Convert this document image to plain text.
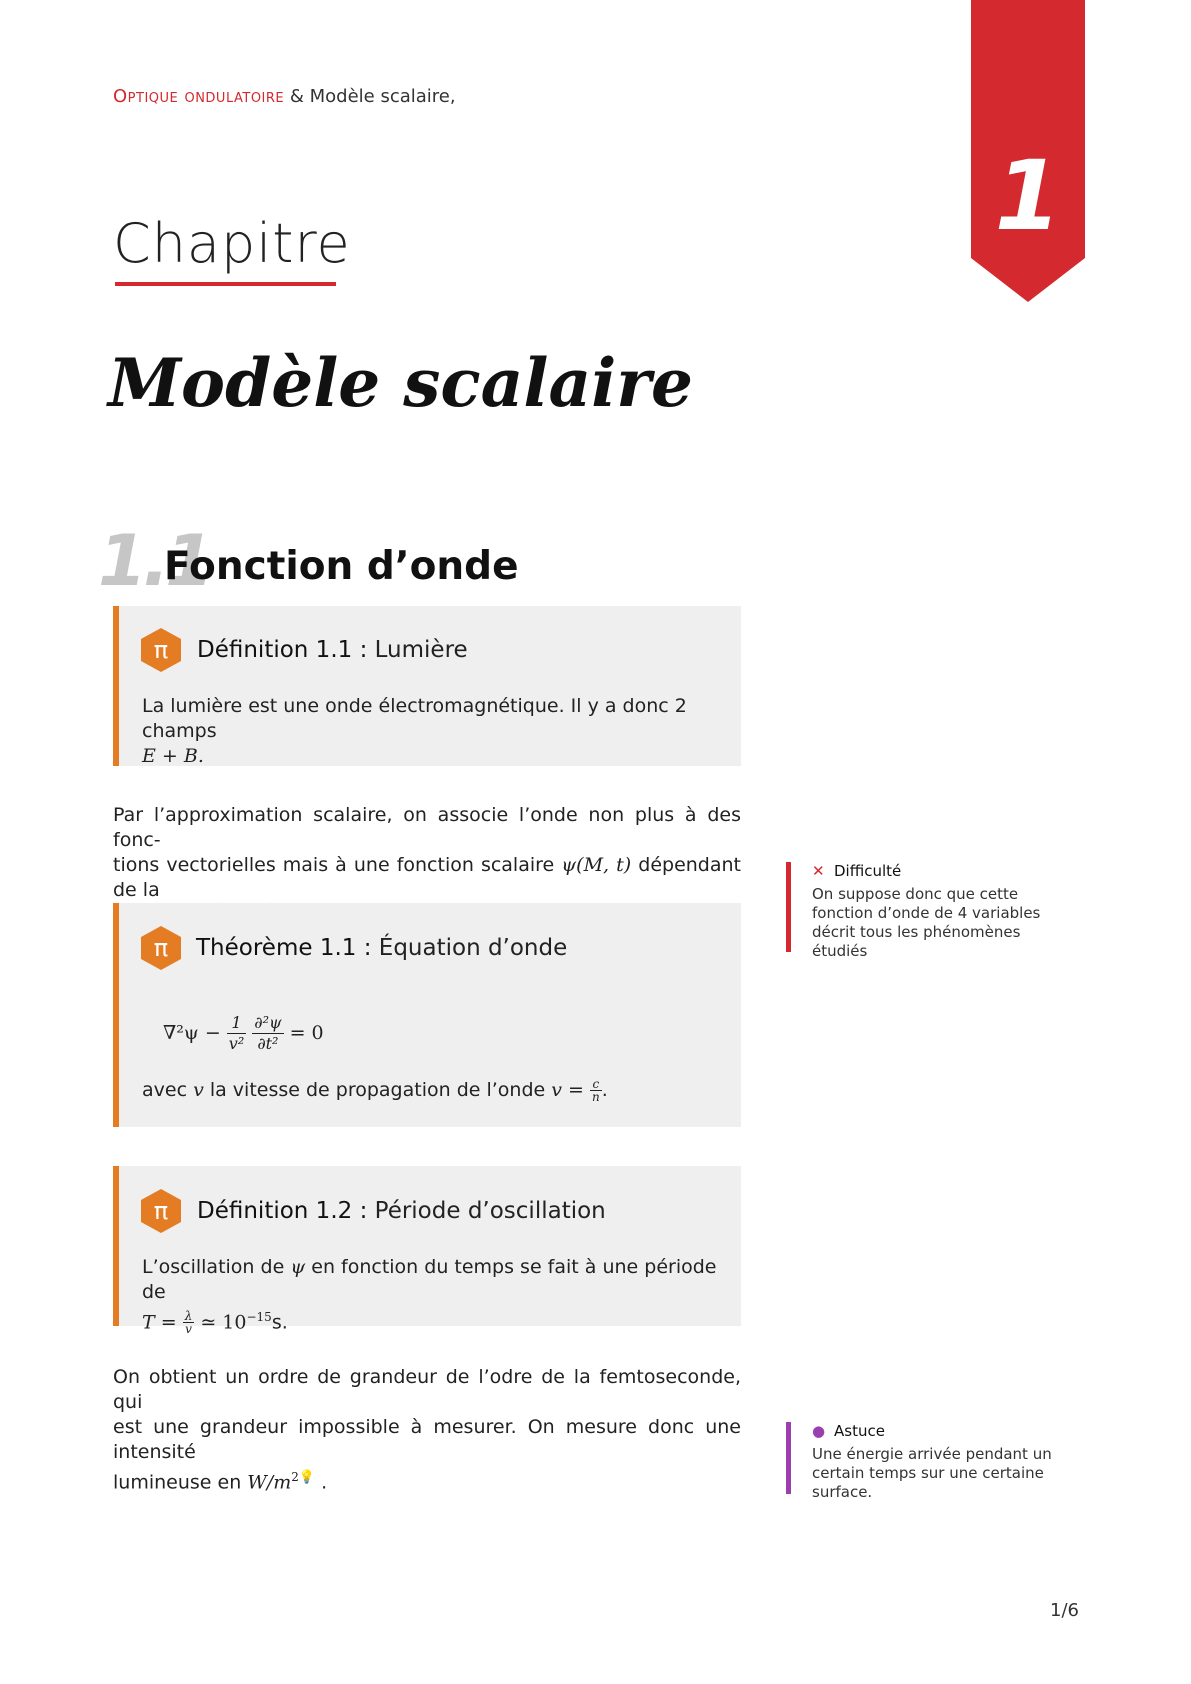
Optique ondulatoire & Modèle scalaire,
1
Chapitre
Modèle scalaire
1.1
Fonction d’onde
π Définition 1.1 : Lumière
La lumière est une onde électromagnétique. Il y a donc 2 champs
E + B.
Par l’approximation scalaire, on associe l’onde non plus à des fonc-
tions vectorielles mais à une fonction scalaire ψ(M, t) dépendant de la
→→
✕ Difficulté
On suppose donc que cette fonction d’onde de 4 variables décrit tous les phénomènes étudiés
π Théorème 1.1 : Équation d’onde
$\nabla^2\psi - \frac{1}{\text{v²}}$
$\frac{\text{∂²ψ}}{\text{∂t²}} = 0$
avec v la vitesse de propagation de l’onde $v = \frac{c}{n}$ .
π Définition 1.2 : Période d’oscillation
L’oscillation de ψ en fonction du temps se fait à une période de
$T = \frac{\lambda}{v}$ ≃ $10^{-15}s$.
On obtient un ordre de grandeur de l’odre de la femtoseconde, qui
est une grandeur impossible à mesurer. On mesure donc une intensité
lumineuse en $W/m^{2💡}$ .
● Astuce
Une énergie arrivée pendant un certain temps sur une certaine surface.
1/6
